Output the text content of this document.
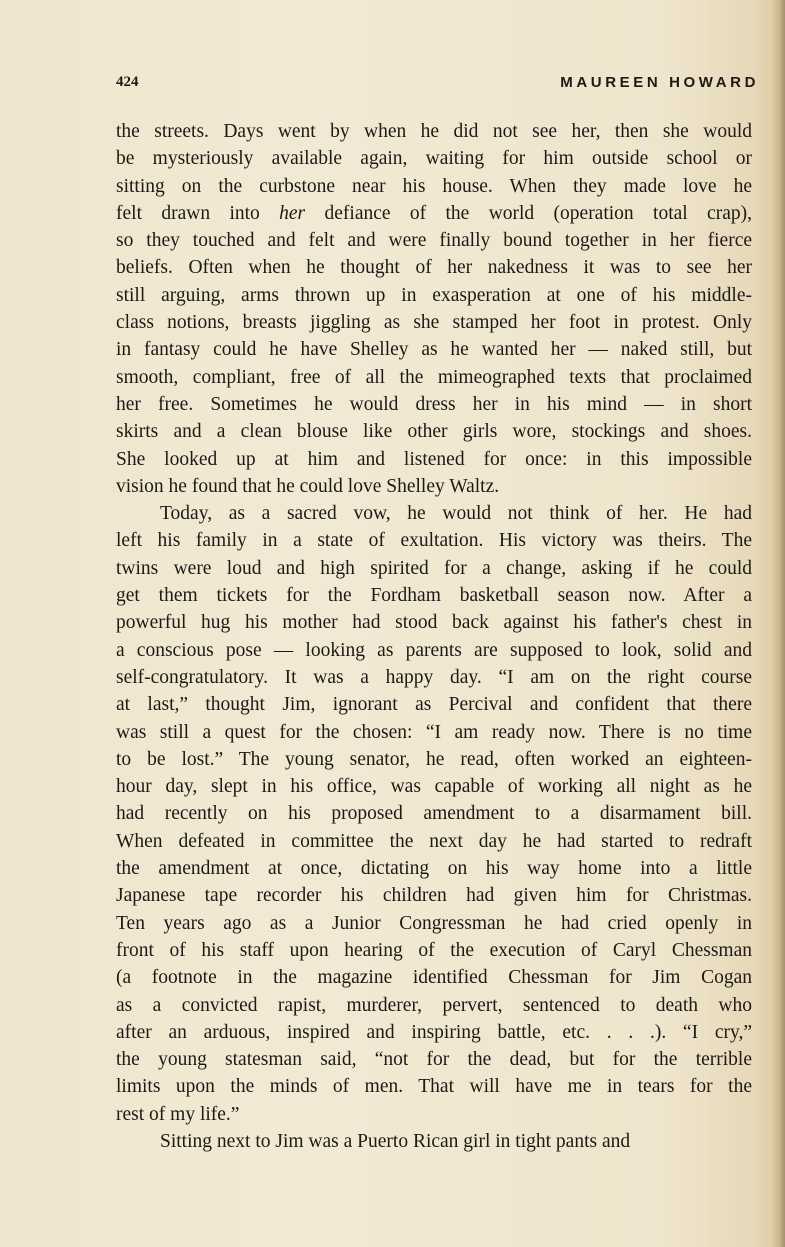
424	MAUREEN HOWARD
the streets. Days went by when he did not see her, then she would
be mysteriously available again, waiting for him outside school or
sitting on the curbstone near his house. When they made love he
felt drawn into her defiance of the world (operation total crap),
so they touched and felt and were finally bound together in her fierce
beliefs. Often when he thought of her nakedness it was to see her
still arguing, arms thrown up in exasperation at one of his middle-
class notions, breasts jiggling as she stamped her foot in protest. Only
in fantasy could he have Shelley as he wanted her — naked still, but
smooth, compliant, free of all the mimeographed texts that proclaimed
her free. Sometimes he would dress her in his mind — in short
skirts and a clean blouse like other girls wore, stockings and shoes.
She looked up at him and listened for once: in this impossible
vision he found that he could love Shelley Waltz.
Today, as a sacred vow, he would not think of her. He had
left his family in a state of exultation. His victory was theirs. The
twins were loud and high spirited for a change, asking if he could
get them tickets for the Fordham basketball season now. After a
powerful hug his mother had stood back against his father's chest in
a conscious pose — looking as parents are supposed to look, solid and
self-congratulatory. It was a happy day. “I am on the right course
at last,” thought Jim, ignorant as Percival and confident that there
was still a quest for the chosen: “I am ready now. There is no time
to be lost.” The young senator, he read, often worked an eighteen-
hour day, slept in his office, was capable of working all night as he
had recently on his proposed amendment to a disarmament bill.
When defeated in committee the next day he had started to redraft
the amendment at once, dictating on his way home into a little
Japanese tape recorder his children had given him for Christmas.
Ten years ago as a Junior Congressman he had cried openly in
front of his staff upon hearing of the execution of Caryl Chessman
(a footnote in the magazine identified Chessman for Jim Cogan
as a convicted rapist, murderer, pervert, sentenced to death who
after an arduous, inspired and inspiring battle, etc. . . .). “I cry,”
the young statesman said, “not for the dead, but for the terrible
limits upon the minds of men. That will have me in tears for the
rest of my life.”
Sitting next to Jim was a Puerto Rican girl in tight pants and
